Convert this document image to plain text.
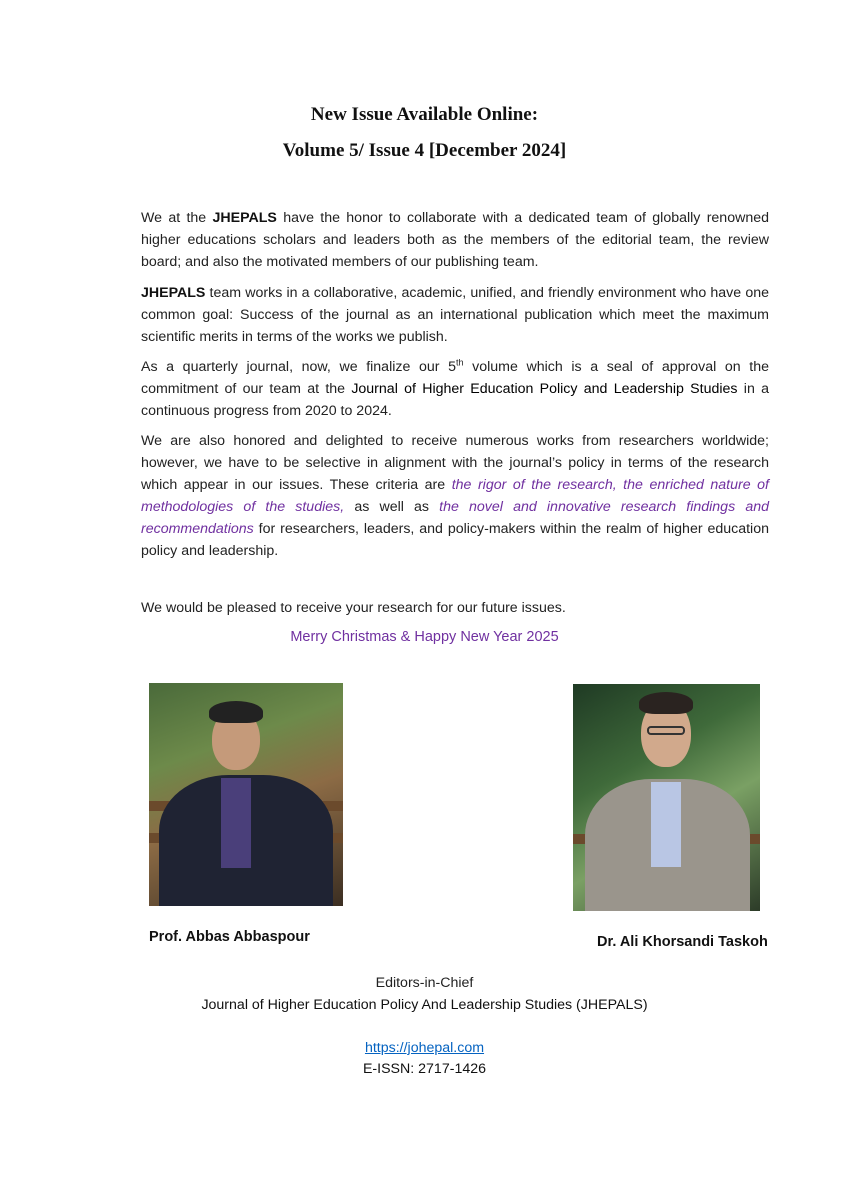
New Issue Available Online:
Volume 5/ Issue 4 [December 2024]
We at the JHEPALS have the honor to collaborate with a dedicated team of globally renowned higher educations scholars and leaders both as the members of the editorial team, the review board; and also the motivated members of our publishing team.
JHEPALS team works in a collaborative, academic, unified, and friendly environment who have one common goal: Success of the journal as an international publication which meet the maximum scientific merits in terms of the works we publish.
As a quarterly journal, now, we finalize our 5th volume which is a seal of approval on the commitment of our team at the Journal of Higher Education Policy and Leadership Studies in a continuous progress from 2020 to 2024.
We are also honored and delighted to receive numerous works from researchers worldwide; however, we have to be selective in alignment with the journal’s policy in terms of the research which appear in our issues. These criteria are the rigor of the research, the enriched nature of methodologies of the studies, as well as the novel and innovative research findings and recommendations for researchers, leaders, and policy-makers within the realm of higher education policy and leadership.
We would be pleased to receive your research for our future issues.
Merry Christmas & Happy New Year 2025
Prof. Abbas Abbaspour	Dr. Ali Khorsandi Taskoh
Editors-in-Chief
Journal of Higher Education Policy And Leadership Studies (JHEPALS)
https://johepal.com
E-ISSN: 2717-1426
